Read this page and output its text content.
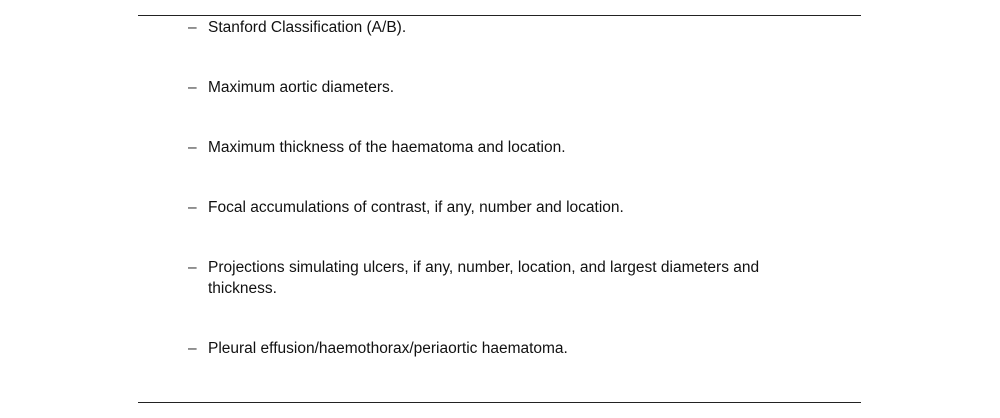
– Stanford Classification (A/B).
– Maximum aortic diameters.
– Maximum thickness of the haematoma and location.
– Focal accumulations of contrast, if any, number and location.
– Projections simulating ulcers, if any, number, location, and largest diameters and thickness.
– Pleural effusion/haemothorax/periaortic haematoma.
